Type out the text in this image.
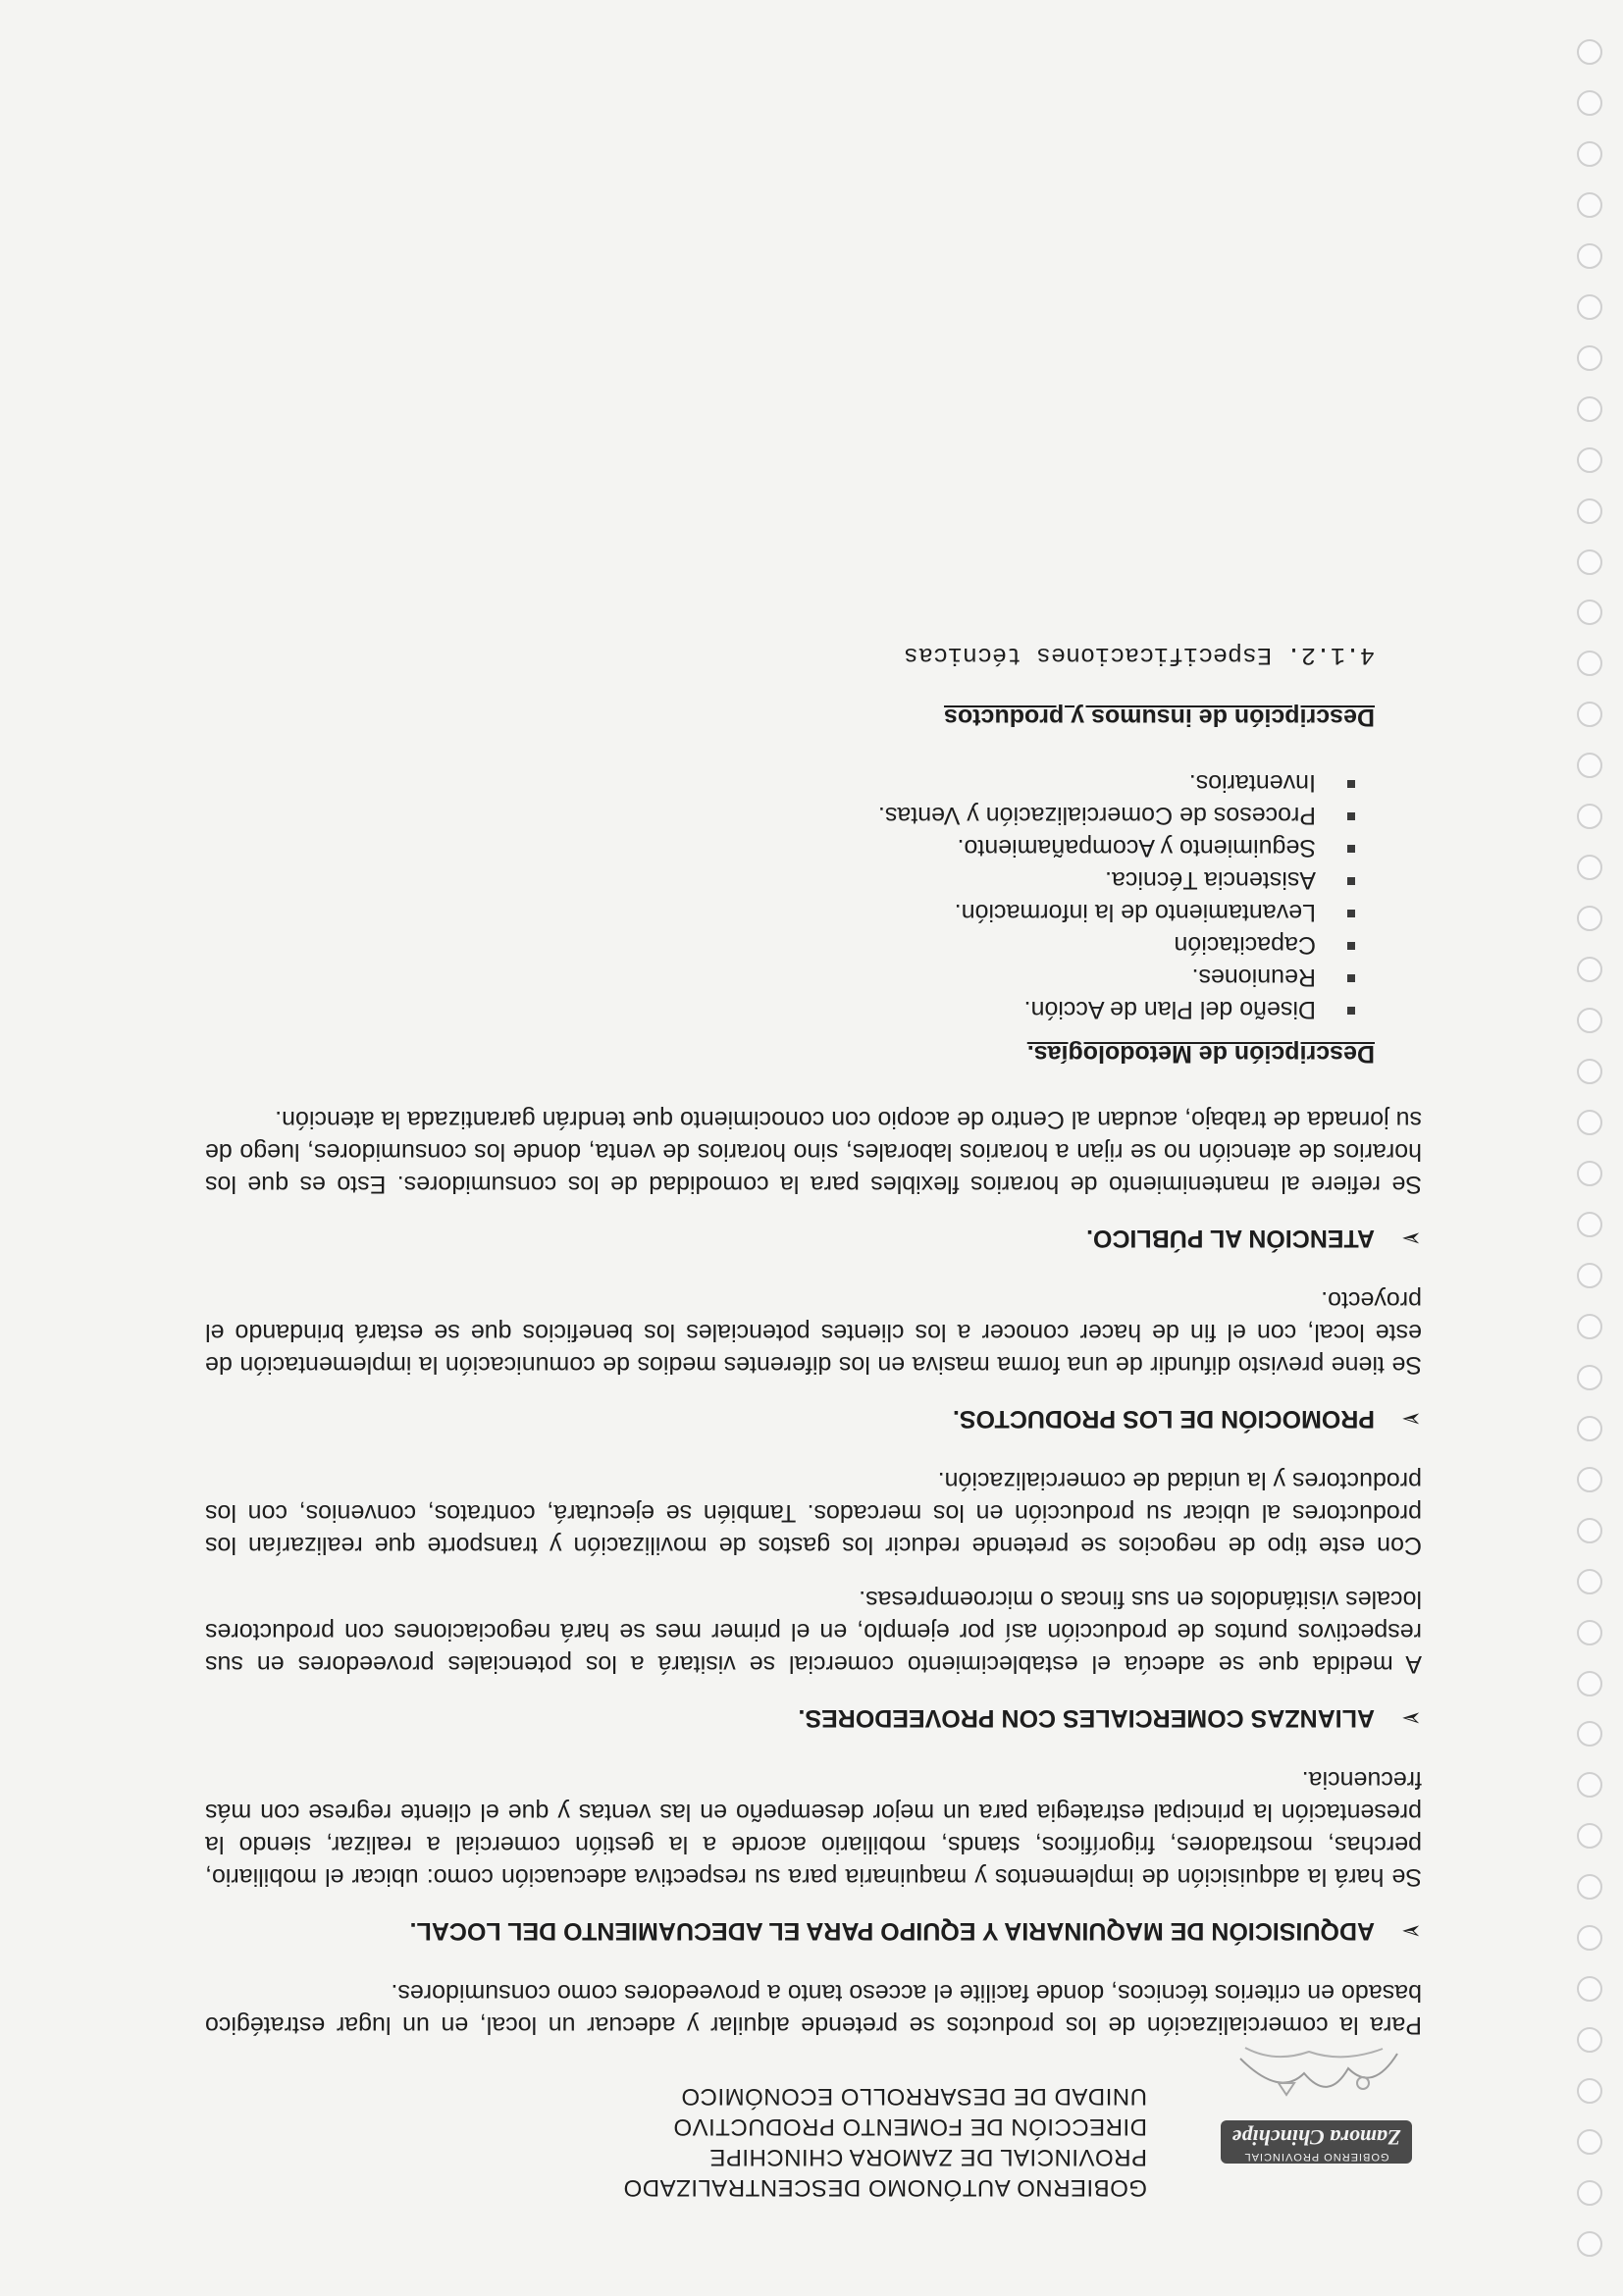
GOBIERNO PROVINCIAL
Zamora Chinchipe
GOBIERNO AUTÓNOMO DESCENTRALIZADO
PROVINCIAL DE ZAMORA CHINCHIPE
DIRECCIÓN DE FOMENTO PRODUCTIVO
UNIDAD DE DESARROLLO ECONÓMICO

Para la comercialización de los productos se pretende alquilar y adecuar un local, en un lugar estratégico basado en criterios técnicos, donde facilite el acceso tanto a proveedores como consumidores.

➢
ADQUISICIÓN DE MAQUINARIA Y EQUIPO PARA EL ADECUAMIENTO DEL LOCAL.

Se hará la adquisición de implementos y maquinaria para su respectiva adecuación como: ubicar el mobiliario, perchas, mostradores, frigoríficos, stands, mobiliario acorde a la gestión comercial a realizar, siendo la presentación la principal estrategia para un mejor desempeño en las ventas y que el cliente regrese con más frecuencia.

➢
ALIANZAS COMERCIALES CON PROVEEDORES.

A medida que se adecúa el establecimiento comercial se visitará a los potenciales proveedores en sus respectivos puntos de producción así por ejemplo, en el primer mes se hará negociaciones con productores locales visitándolos en sus fincas o microempresas.

Con este tipo de negocios se pretende reducir los gastos de movilización y transporte que realizarían los productores al ubicar su producción en los mercados. También se ejecutará, contratos, convenios, con los productores y la unidad de comercialización.

➢
PROMOCIÓN DE LOS PRODUCTOS.

Se tiene previsto difundir de una forma masiva en los diferentes medios de comunicación la implementación de este local, con el fin de hacer conocer a los clientes potenciales los beneficios que se estará brindando el proyecto.

➢
ATENCIÓN AL PÚBLICO.

Se refiere al mantenimiento de horarios flexibles para la comodidad de los consumidores. Esto es que los horarios de atención no se rijan a horarios laborales, sino horarios de venta, donde los consumidores, luego de su jornada de trabajo, acudan al Centro de acopio con conocimiento que tendrán garantizada la atención.

Descripción de Metodologías.
Diseño del Plan de Acción.
Reuniones.
Capacitación
Levantamiento de la información.
Asistencia Técnica.
Seguimiento y Acompañamiento.
Procesos de Comercialización y Ventas.
Inventarios.
Descripción de insumos y productos
4.1.2. Especificaciones técnicas
